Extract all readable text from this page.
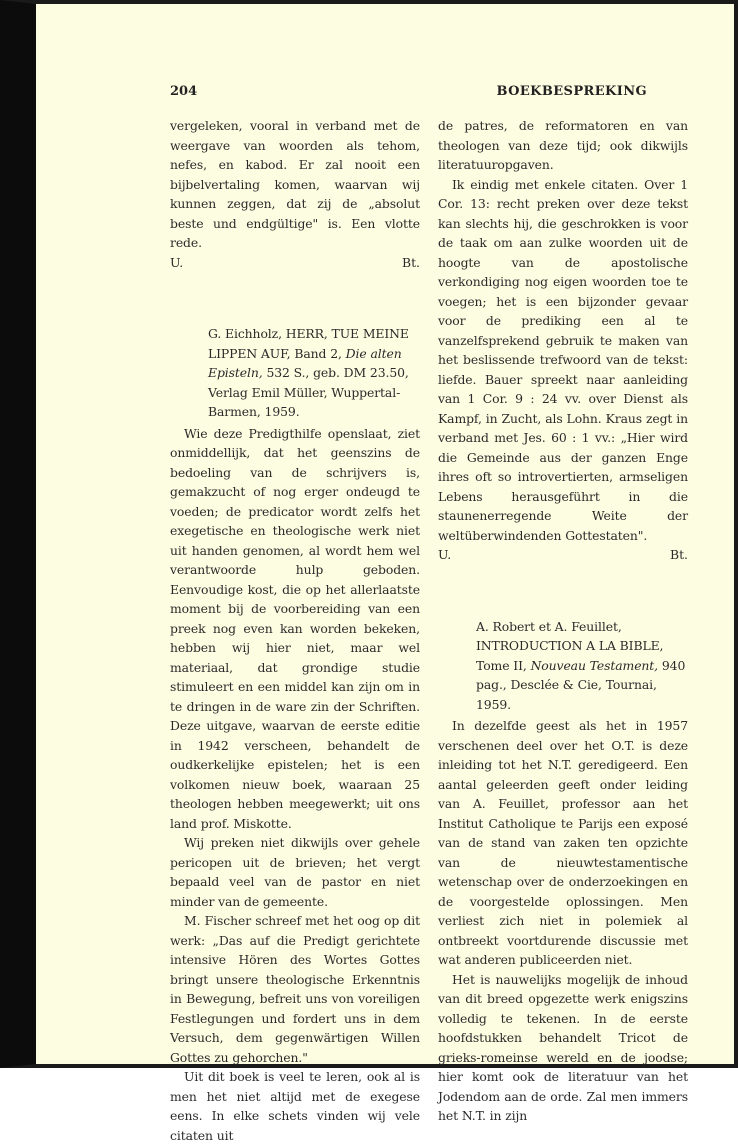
204	BOEKBESPREKING

vergeleken, vooral in verband met de weergave van woorden als tehom, nefes, en kabod. Er zal nooit een bijbelvertaling komen, waarvan wij kunnen zeggen, dat zij de „absolut beste und endgültige" is. Een vlotte rede.

U.	Bt.
G. Eichholz, HERR, TUE MEINE LIPPEN AUF, Band 2, Die alten Episteln, 532 S., geb. DM 23.50, Verlag Emil Müller, Wuppertal-Barmen, 1959.

Wie deze Predigthilfe openslaat, ziet onmiddellijk, dat het geenszins de bedoeling van de schrijvers is, gemakzucht of nog erger ondeugd te voeden; de predicator wordt zelfs het exegetische en theologische werk niet uit handen genomen, al wordt hem wel verantwoorde hulp geboden. Eenvoudige kost, die op het allerlaatste moment bij de voorbereiding van een preek nog even kan worden bekeken, hebben wij hier niet, maar wel materiaal, dat grondige studie stimuleert en een middel kan zijn om in te dringen in de ware zin der Schriften. Deze uitgave, waarvan de eerste editie in 1942 verscheen, behandelt de oudkerkelijke epistelen; het is een volkomen nieuw boek, waaraan 25 theologen hebben meegewerkt; uit ons land prof. Miskotte.

Wij preken niet dikwijls over gehele pericopen uit de brieven; het vergt bepaald veel van de pastor en niet minder van de gemeente.

M. Fischer schreef met het oog op dit werk: „Das auf die Predigt gerichtete intensive Hören des Wortes Gottes bringt unsere theologische Erkenntnis in Bewegung, befreit uns von voreiligen Festlegungen und fordert uns in dem Versuch, dem gegenwärtigen Willen Gottes zu gehorchen."

Uit dit boek is veel te leren, ook al is men het niet altijd met de exegese eens. In elke schets vinden wij vele citaten uit

de patres, de reformatoren en van theologen van deze tijd; ook dikwijls literatuuropgaven.

Ik eindig met enkele citaten. Over 1 Cor. 13: recht preken over deze tekst kan slechts hij, die geschrokken is voor de taak om aan zulke woorden uit de hoogte van de apostolische verkondiging nog eigen woorden toe te voegen; het is een bijzonder gevaar voor de prediking een al te vanzelfsprekend gebruik te maken van het beslissende trefwoord van de tekst: liefde. Bauer spreekt naar aanleiding van 1 Cor. 9 : 24 vv. over Dienst als Kampf, in Zucht, als Lohn. Kraus zegt in verband met Jes. 60 : 1 vv.: „Hier wird die Gemeinde aus der ganzen Enge ihres oft so introvertierten, armseligen Lebens herausgeführt in die staunenerregende Weite der weltüberwindenden Gottestaten".

U.	Bt.
A. Robert et A. Feuillet, INTRODUCTION A LA BIBLE, Tome II, Nouveau Testament, 940 pag., Desclée & Cie, Tournai, 1959.

In dezelfde geest als het in 1957 verschenen deel over het O.T. is deze inleiding tot het N.T. geredigeerd. Een aantal geleerden geeft onder leiding van A. Feuillet, professor aan het Institut Catholique te Parijs een exposé van de stand van zaken ten opzichte van de nieuwtestamentische wetenschap over de onderzoekingen en de voorgestelde oplossingen. Men verliest zich niet in polemiek al ontbreekt voortdurende discussie met wat anderen publiceerden niet.

Het is nauwelijks mogelijk de inhoud van dit breed opgezette werk enigszins volledig te tekenen. In de eerste hoofdstukken behandelt Tricot de grieks-romeinse wereld en de joodse; hier komt ook de literatuur van het Jodendom aan de orde. Zal men immers het N.T. in zijn
